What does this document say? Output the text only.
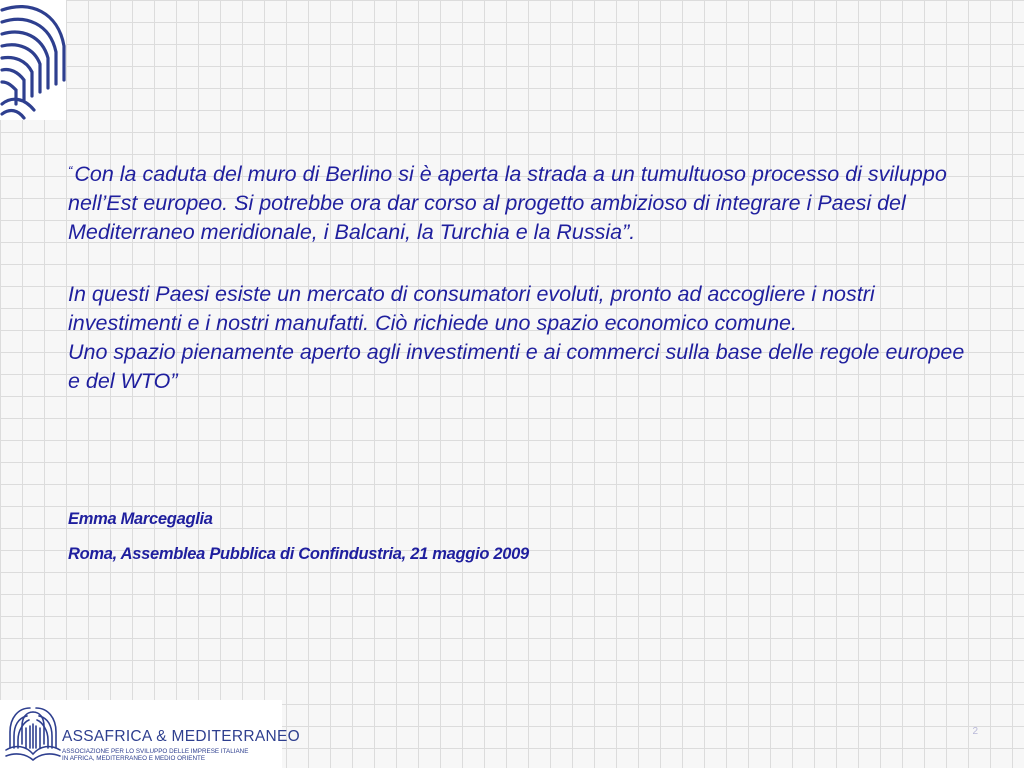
“Con la caduta del muro di Berlino si è aperta la strada a un tumultuoso processo di sviluppo nell’Est europeo. Si potrebbe ora dar corso al progetto ambizioso di integrare i Paesi del Mediterraneo meridionale, i Balcani, la Turchia e la Russia”.

In questi Paesi esiste un mercato di consumatori evoluti, pronto ad accogliere i nostri investimenti e i nostri manufatti. Ciò richiede uno spazio economico comune.

Uno spazio pienamente aperto agli investimenti e ai commerci sulla base delle regole europee e del WTO”

Emma Marcegaglia
Roma, Assemblea Pubblica di Confindustria, 21 maggio 2009
ASSAFRICA & MEDITERRANEO
ASSOCIAZIONE PER LO SVILUPPO DELLE IMPRESE ITALIANE
IN AFRICA, MEDITERRANEO E MEDIO ORIENTE
2
